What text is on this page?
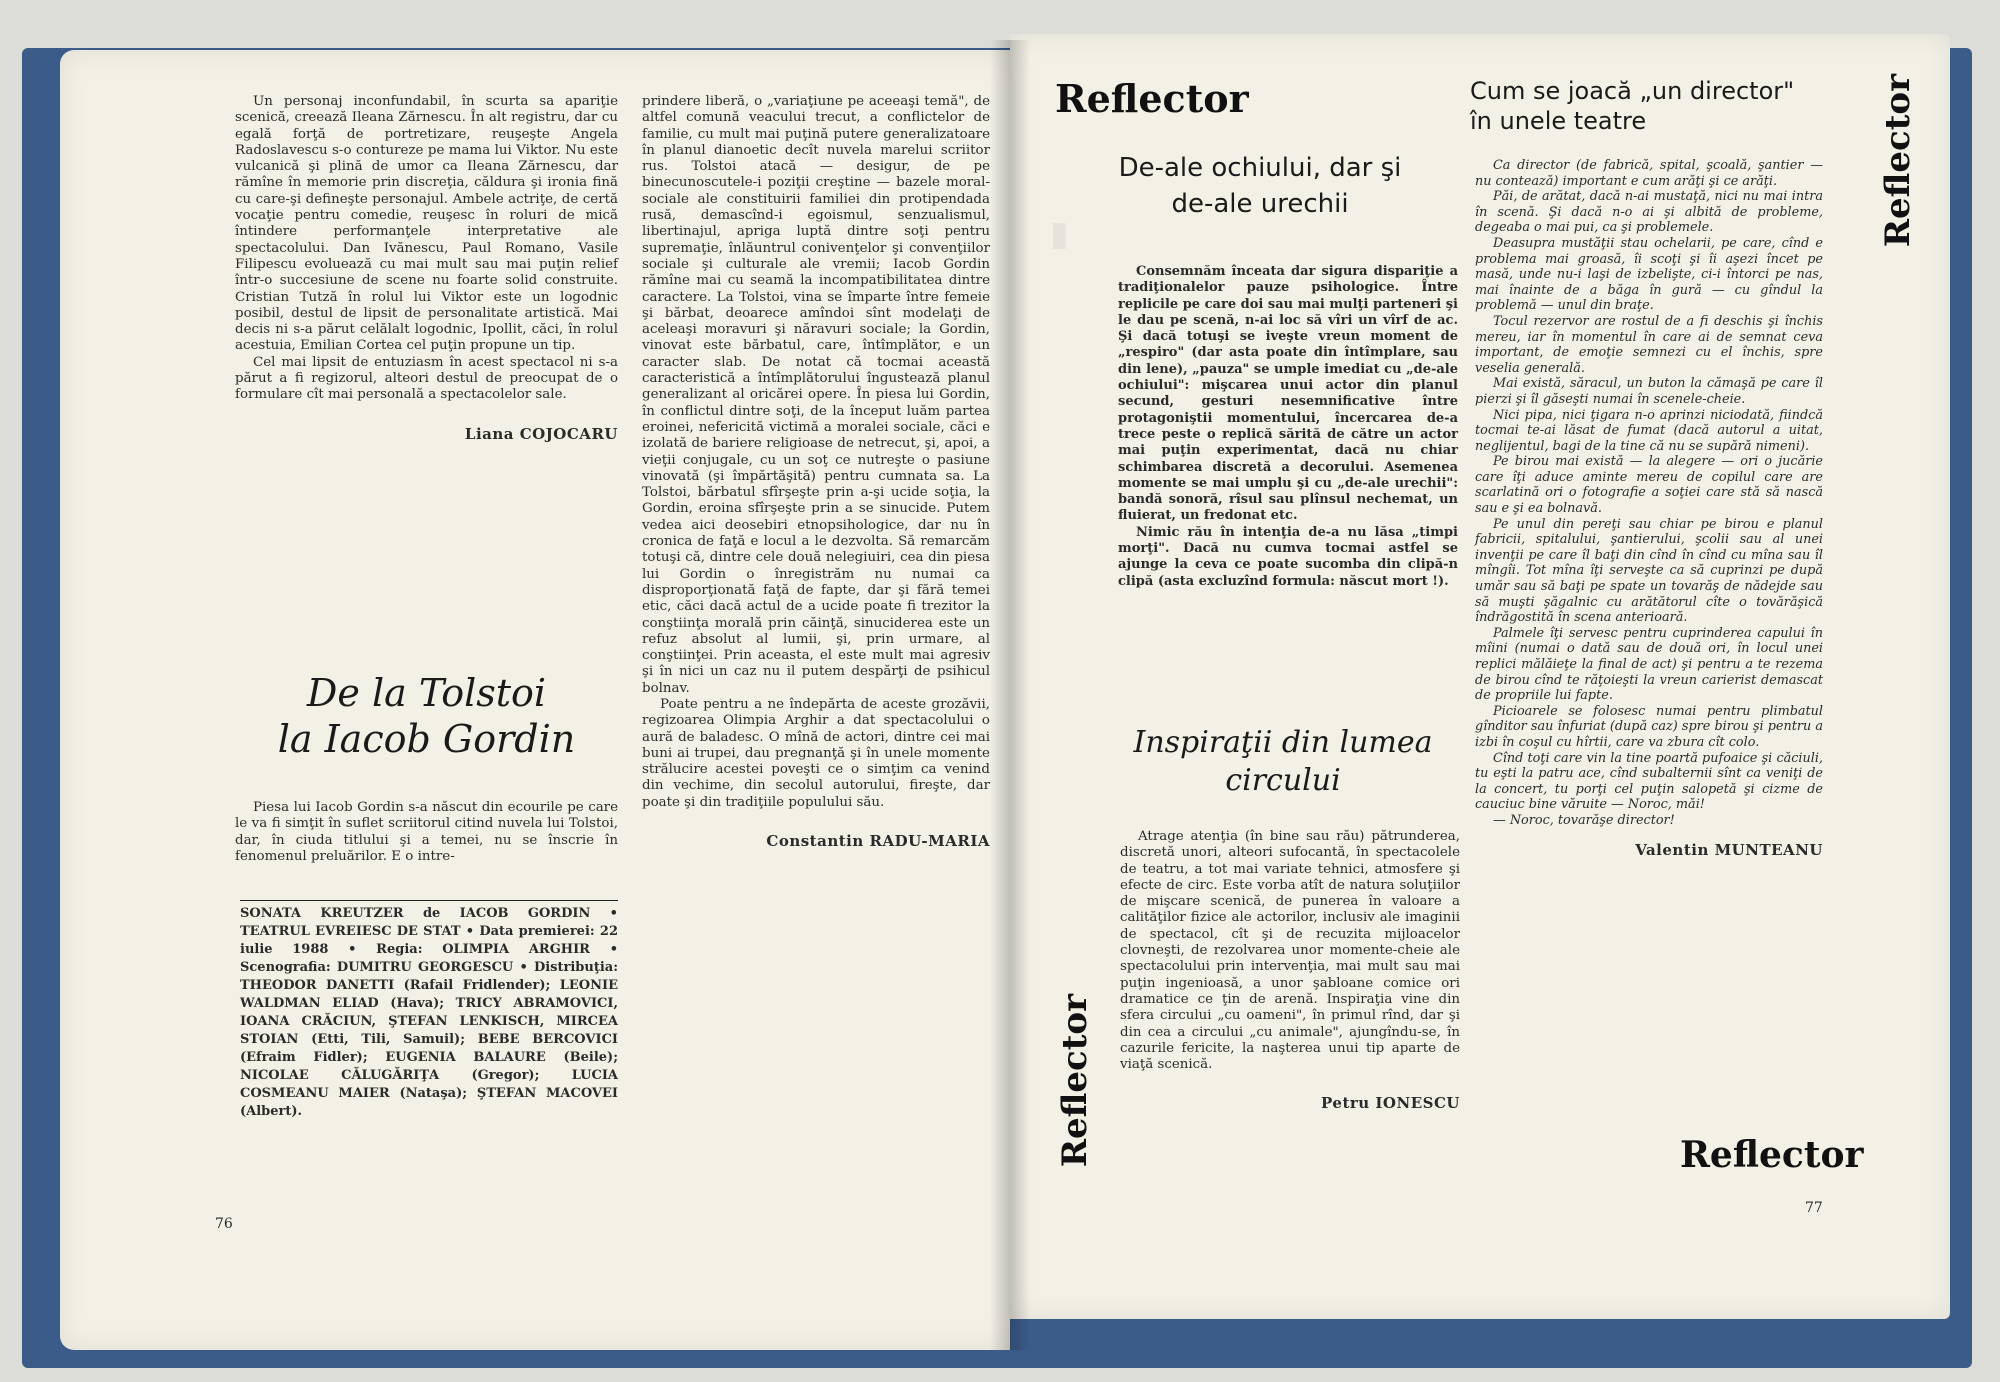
Un personaj inconfundabil, în scurta sa apariţie scenică, creează Ileana Zărnescu. În alt registru, dar cu egală forţă de portretizare, reuşeşte Angela Radoslavescu s-o contureze pe mama lui Viktor. Nu este vulcanică şi plină de umor ca Ileana Zărnescu, dar rămîne în memorie prin discreţia, căldura şi ironia fină cu care-şi defineşte personajul. Ambele actriţe, de certă vocaţie pentru comedie, reuşesc în roluri de mică întindere performanţele interpretative ale spectacolului. Dan Ivănescu, Paul Romano, Vasile Filipescu evoluează cu mai mult sau mai puţin relief într-o succesiune de scene nu foarte solid construite. Cristian Tutză în rolul lui Viktor este un logodnic posibil, destul de lipsit de personalitate artistică. Mai decis ni s-a părut celălalt logodnic, Ipollit, căci, în rolul acestuia, Emilian Cortea cel puţin propune un tip.

Cel mai lipsit de entuziasm în acest spectacol ni s-a părut a fi regizorul, alteori destul de preocupat de o formulare cît mai personală a spectacolelor sale.

Liana COJOCARU
De la Tolstoi
la Iacob Gordin

Piesa lui Iacob Gordin s-a născut din ecourile pe care le va fi simţit în suflet scriitorul citind nuvela lui Tolstoi, dar, în ciuda titlului şi a temei, nu se înscrie în fenomenul preluărilor. E o intre-

SONATA KREUTZER de IACOB GORDIN • TEATRUL EVREIESC DE STAT • Data premierei: 22 iulie 1988 • Regia: OLIMPIA ARGHIR • Scenografia: DUMITRU GEORGESCU • Distribuţia: THEODOR DANETTI (Rafail Fridlender); LEONIE WALDMAN ELIAD (Hava); TRICY ABRAMOVICI, IOANA CRĂCIUN, ŞTEFAN LENKISCH, MIRCEA STOIAN (Etti, Tili, Samuil); BEBE BERCOVICI (Efraim Fidler); EUGENIA BALAURE (Beile); NICOLAE CĂLUGĂRIŢA (Gregor); LUCIA COSMEANU MAIER (Nataşa); ŞTEFAN MACOVEI (Albert).

prindere liberă, o „variaţiune pe aceeaşi temă", de altfel comună veacului trecut, a conflictelor de familie, cu mult mai puţină putere generalizatoare în planul dianoetic decît nuvela marelui scriitor rus. Tolstoi atacă — desigur, de pe binecunoscutele-i poziţii creştine — bazele moral-sociale ale constituirii familiei din protipendada rusă, demascînd-i egoismul, senzualismul, libertinajul, apriga luptă dintre soţi pentru supremaţie, înlăuntrul conivenţelor şi convenţiilor sociale şi culturale ale vremii; Iacob Gordin rămîne mai cu seamă la incompatibilitatea dintre caractere. La Tolstoi, vina se împarte între femeie şi bărbat, deoarece amîndoi sînt modelaţi de aceleaşi moravuri şi năravuri sociale; la Gordin, vinovat este bărbatul, care, întîmplător, e un caracter slab. De notat că tocmai această caracteristică a întîmplătorului îngustează planul generalizant al oricărei opere. În piesa lui Gordin, în conflictul dintre soţi, de la început luăm partea eroinei, nefericită victimă a moralei sociale, căci e izolată de bariere religioase de netrecut, şi, apoi, a vieţii conjugale, cu un soţ ce nutreşte o pasiune vinovată (şi împărtăşită) pentru cumnata sa. La Tolstoi, bărbatul sfîrşeşte prin a-şi ucide soţia, la Gordin, eroina sfîrşeşte prin a se sinucide. Putem vedea aici deosebiri etnopsihologice, dar nu în cronica de faţă e locul a le dezvolta. Să remarcăm totuşi că, dintre cele două nelegiuiri, cea din piesa lui Gordin o înregistrăm nu numai ca disproporţionată faţă de fapte, dar şi fără temei etic, căci dacă actul de a ucide poate fi trezitor la conştiinţa morală prin căinţă, sinuciderea este un refuz absolut al lumii, şi, prin urmare, al conştiinţei. Prin aceasta, el este mult mai agresiv şi în nici un caz nu il putem despărţi de psihicul bolnav.

Poate pentru a ne îndepărta de aceste grozăvii, regizoarea Olimpia Arghir a dat spectacolului o aură de baladesc. O mînă de actori, dintre cei mai buni ai trupei, dau pregnanţă şi în unele momente strălucire acestei poveşti ce o simţim ca venind din vechime, din secolul autorului, fireşte, dar poate şi din tradiţiile populului său.

Constantin RADU-MARIA
76
▮
Reflector
De-ale ochiului, dar şi
de-ale urechii

Consemnăm înceata dar sigura dispariţie a tradiţionalelor pauze psihologice. Între replicile pe care doi sau mai mulţi parteneri şi le dau pe scenă, n-ai loc să vîri un vîrf de ac. Şi dacă totuşi se iveşte vreun moment de „respiro" (dar asta poate din întîmplare, sau din lene), „pauza" se umple imediat cu „de-ale ochiului": mişcarea unui actor din planul secund, gesturi nesemnificative între protagoniştii momentului, încercarea de-a trece peste o replică sărită de către un actor mai puţin experimentat, dacă nu chiar schimbarea discretă a decorului. Asemenea momente se mai umplu şi cu „de-ale urechii": bandă sonoră, rîsul sau plînsul nechemat, un fluierat, un fredonat etc.

Nimic rău în intenţia de-a nu lăsa „timpi morţi". Dacă nu cumva tocmai astfel se ajunge la ceva ce poate sucomba din clipă-n clipă (asta excluzînd formula: născut mort !).

Inspiraţii din lumea
circului

Atrage atenţia (în bine sau rău) pătrunderea, discretă unori, alteori sufocantă, în spectacolele de teatru, a tot mai variate tehnici, atmosfere şi efecte de circ. Este vorba atît de natura soluţiilor de mişcare scenică, de punerea în valoare a calităţilor fizice ale actorilor, inclusiv ale imaginii de spectacol, cît şi de recuzita mijloacelor clovneşti, de rezolvarea unor momente-cheie ale spectacolului prin intervenţia, mai mult sau mai puţin ingenioasă, a unor şabloane comice ori dramatice ce ţin de arenă. Inspiraţia vine din sfera circului „cu oameni", în primul rînd, dar şi din cea a circului „cu animale", ajungîndu-se, în cazurile fericite, la naşterea unui tip aparte de viaţă scenică.

Petru IONESCU
Reflector
Cum se joacă „un director"
în unele teatre

Ca director (de fabrică, spital, şcoală, şantier — nu contează) important e cum arăţi şi ce arăţi.

Păi, de arătat, dacă n-ai mustaţă, nici nu mai intra în scenă. Şi dacă n-o ai şi albită de probleme, degeaba o mai pui, ca şi problemele.

Deasupra mustăţii stau ochelarii, pe care, cînd e problema mai groasă, îi scoţi şi îi aşezi încet pe masă, unde nu-i laşi de izbelişte, ci-i întorci pe nas, mai înainte de a băga în gură — cu gîndul la problemă — unul din braţe.

Tocul rezervor are rostul de a fi deschis şi închis mereu, iar în momentul în care ai de semnat ceva important, de emoţie semnezi cu el închis, spre veselia generală.

Mai există, săracul, un buton la cămaşă pe care îl pierzi şi îl găseşti numai în scenele-cheie.

Nici pipa, nici ţigara n-o aprinzi niciodată, fiindcă tocmai te-ai lăsat de fumat (dacă autorul a uitat, neglijentul, bagi de la tine că nu se supără nimeni).

Pe birou mai există — la alegere — ori o jucărie care îţi aduce aminte mereu de copilul care are scarlatină ori o fotografie a soţiei care stă să nască sau e şi ea bolnavă.

Pe unul din pereţi sau chiar pe birou e planul fabricii, spitalului, şantierului, şcolii sau al unei invenţii pe care îl baţi din cînd în cînd cu mîna sau îl mîngîi. Tot mîna îţi serveşte ca să cuprinzi pe după umăr sau să baţi pe spate un tovarăş de nădejde sau să muşti şăgalnic cu arătătorul cîte o tovărăşică îndrăgostită în scena anterioară.

Palmele îţi servesc pentru cuprinderea capului în mîini (numai o dată sau de două ori, în locul unei replici mălăieţe la final de act) şi pentru a te rezema de birou cînd te răţoieşti la vreun carierist demascat de propriile lui fapte.

Picioarele se folosesc numai pentru plimbatul gînditor sau înfuriat (după caz) spre birou şi pentru a izbi în coşul cu hîrtii, care va zbura cît colo.

Cînd toţi care vin la tine poartă pufoaice şi căciuli, tu eşti la patru ace, cînd subalternii sînt ca veniţi de la concert, tu porţi cel puţin salopetă şi cizme de cauciuc bine văruite — Noroc, măi!

— Noroc, tovarăşe director!

Valentin MUNTEANU
Reflector
Reflector
77
